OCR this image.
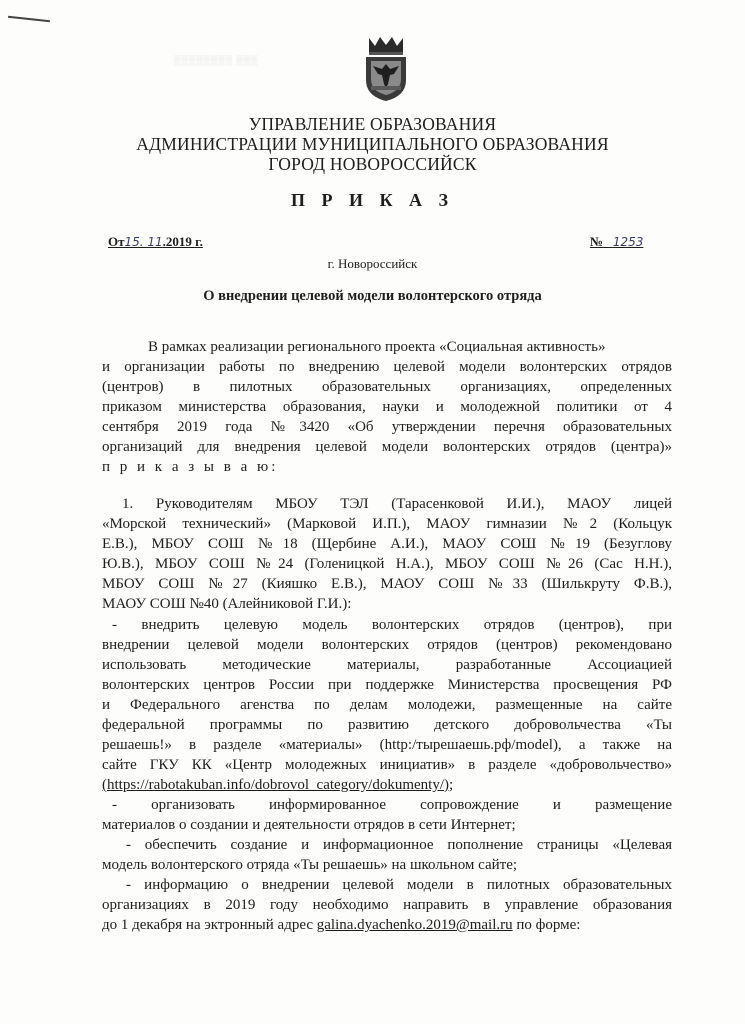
▒▒▒▒▒▒▒▒ ▒▒▒
УПРАВЛЕНИЕ ОБРАЗОВАНИЯ
АДМИНИСТРАЦИИ МУНИЦИПАЛЬНОГО ОБРАЗОВАНИЯ
ГОРОД НОВОРОССИЙСК
П Р И К А З
От15. 11.2019 г.	№ 1253
г. Новороссийск
О внедрении целевой модели волонтерского отряда
В рамках реализации регионального проекта «Социальная активность»
и организации работы по внедрению целевой модели волонтерских отрядов
(центров) в пилотных образовательных организациях, определенных
приказом министерства образования, науки и молодежной политики от 4
сентября 2019 года №3420 «Об утверждении перечня образовательных
организаций для внедрения целевой модели волонтерских отрядов (центра)»
п р и к а з ы в а ю:
1. Руководителям МБОУ ТЭЛ (Тарасенковой И.И.), МАОУ лицей
«Морской технический» (Марковой И.П.), МАОУ гимназии №2 (Кольцук
Е.В.), МБОУ СОШ №18 (Щербине А.И.), МАОУ СОШ №19 (Безуглову
Ю.В.), МБОУ СОШ №24 (Голеницкой Н.А.), МБОУ СОШ №26 (Сас Н.Н.),
МБОУ СОШ №27 (Кияшко Е.В.), МАОУ СОШ №33 (Шилькруту Ф.В.),
МАОУ СОШ №40 (Алейниковой Г.И.):
- внедрить целевую модель волонтерских отрядов (центров), при
внедрении целевой модели волонтерских отрядов (центров) рекомендовано
использовать методические материалы, разработанные Ассоциацией
волонтерских центров России при поддержке Министерства просвещения РФ
и Федерального агенства по делам молодежи, размещенные на сайте
федеральной программы по развитию детского добровольчества «Ты
решаешь!» в разделе «материалы» (http:/тырешаешь.рф/model), а также на
сайте ГКУ КК «Центр молодежных инициатив» в разделе «добровольчество»
(https://rabotakuban.info/dobrovol_category/dokumenty/);
- организовать информированное сопровождение и размещение
материалов о создании и деятельности отрядов в сети Интернет;
- обеспечить создание и информационное пополнение страницы «Целевая
модель волонтерского отряда «Ты решаешь» на школьном сайте;
- информацию о внедрении целевой модели в пилотных образовательных
организациях в 2019 году необходимо направить в управление образования
до 1 декабря на эктронный адрес galina.dyachenko.2019@mail.ru по форме:
